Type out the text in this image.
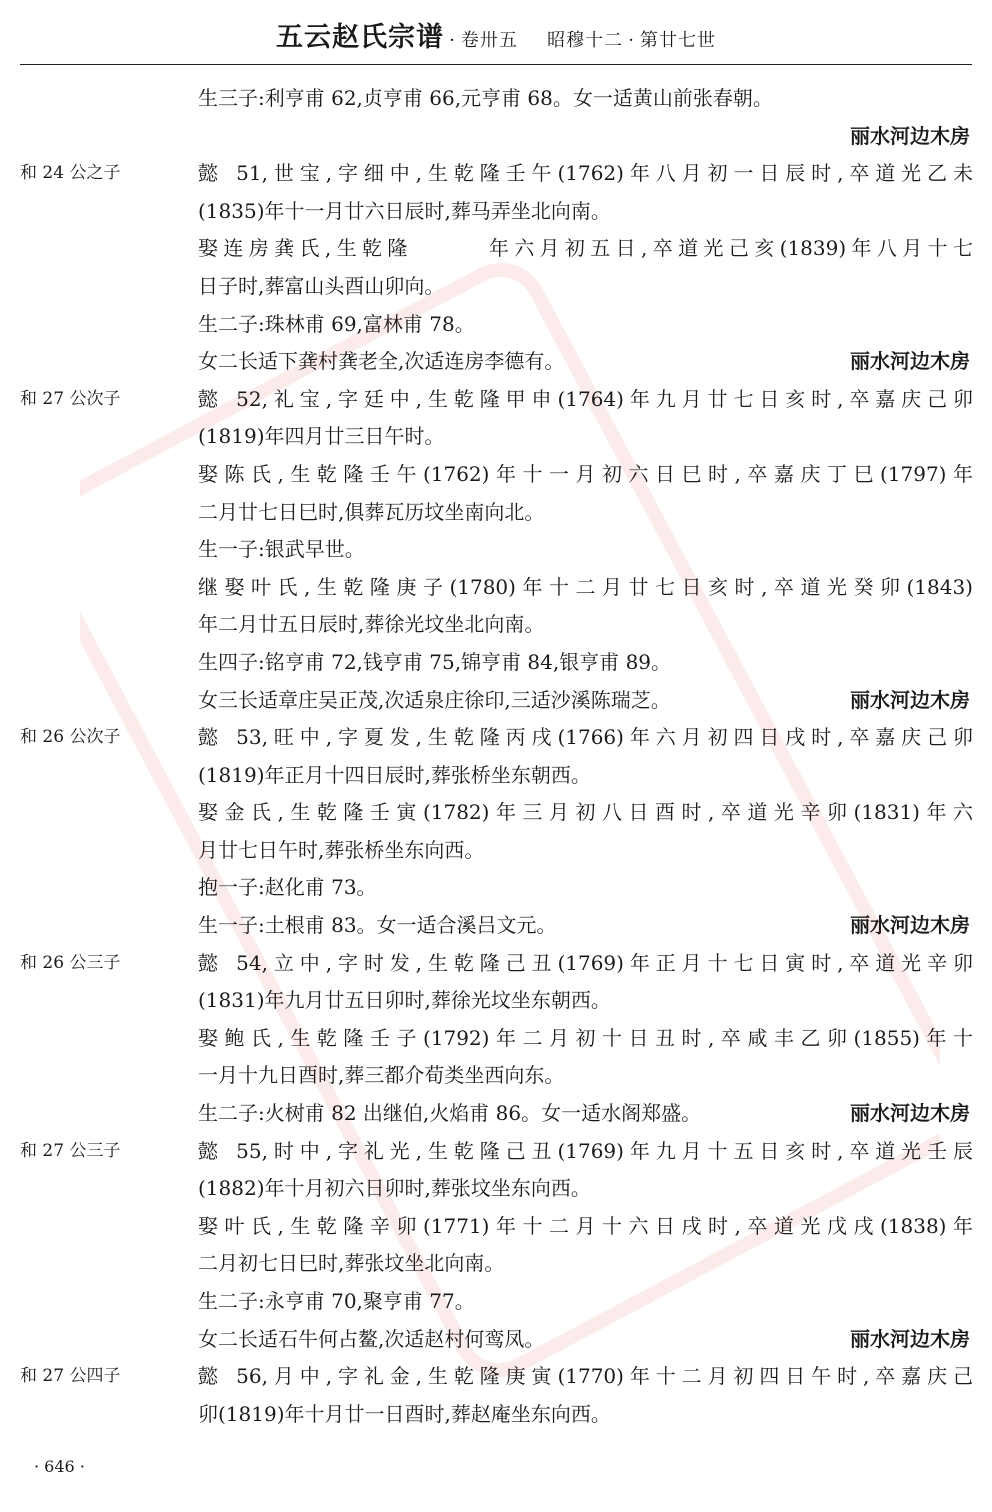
五云赵氏宗谱 · 卷卅五   昭穆十二 · 第廿七世
生三子:利亨甫 62,贞亨甫 66,元亨甫 68。女一适黄山前张春朝。
丽水河边木房
和 24 公之子	懿 51,世宝,字细中,生乾隆壬午(1762)年八月初一日辰时,卒道光乙未
(1835)年十一月廿六日辰时,葬马弄坐北向南。
娶连房龚氏,生乾隆　　　年六月初五日,卒道光己亥(1839)年八月十七
日子时,葬富山头酉山卯向。
生二子:珠林甫 69,富林甫 78。
女二长适下龚村龚老全,次适连房李德有。	丽水河边木房
和 27 公次子	懿 52,礼宝,字廷中,生乾隆甲申(1764)年九月廿七日亥时,卒嘉庆己卯
(1819)年四月廿三日午时。
娶陈氏,生乾隆壬午(1762)年十一月初六日巳时,卒嘉庆丁巳(1797)年
二月廿七日巳时,俱葬瓦历坟坐南向北。
生一子:银武早世。
继娶叶氏,生乾隆庚子(1780)年十二月廿七日亥时,卒道光癸卯(1843)
年二月廿五日辰时,葬徐光坟坐北向南。
生四子:铭亨甫 72,钱亨甫 75,锦亨甫 84,银亨甫 89。
女三长适章庄吴正茂,次适泉庄徐印,三适沙溪陈瑞芝。	丽水河边木房
和 26 公次子	懿 53,旺中,字夏发,生乾隆丙戌(1766)年六月初四日戌时,卒嘉庆己卯
(1819)年正月十四日辰时,葬张桥坐东朝西。
娶金氏,生乾隆壬寅(1782)年三月初八日酉时,卒道光辛卯(1831)年六
月廿七日午时,葬张桥坐东向西。
抱一子:赵化甫 73。
生一子:土根甫 83。女一适合溪吕文元。	丽水河边木房
和 26 公三子	懿 54,立中,字时发,生乾隆己丑(1769)年正月十七日寅时,卒道光辛卯
(1831)年九月廿五日卯时,葬徐光坟坐东朝西。
娶鲍氏,生乾隆壬子(1792)年二月初十日丑时,卒咸丰乙卯(1855)年十
一月十九日酉时,葬三都介荀类坐西向东。
生二子:火树甫 82 出继伯,火焰甫 86。女一适水阁郑盛。	丽水河边木房
和 27 公三子	懿 55,时中,字礼光,生乾隆己丑(1769)年九月十五日亥时,卒道光壬辰
(1882)年十月初六日卯时,葬张坟坐东向西。
娶叶氏,生乾隆辛卯(1771)年十二月十六日戌时,卒道光戊戌(1838)年
二月初七日巳时,葬张坟坐北向南。
生二子:永亨甫 70,聚亨甫 77。
女二长适石牛何占鳌,次适赵村何鸾凤。	丽水河边木房
和 27 公四子	懿 56,月中,字礼金,生乾隆庚寅(1770)年十二月初四日午时,卒嘉庆己
卯(1819)年十月廿一日酉时,葬赵庵坐东向西。
· 646 ·
